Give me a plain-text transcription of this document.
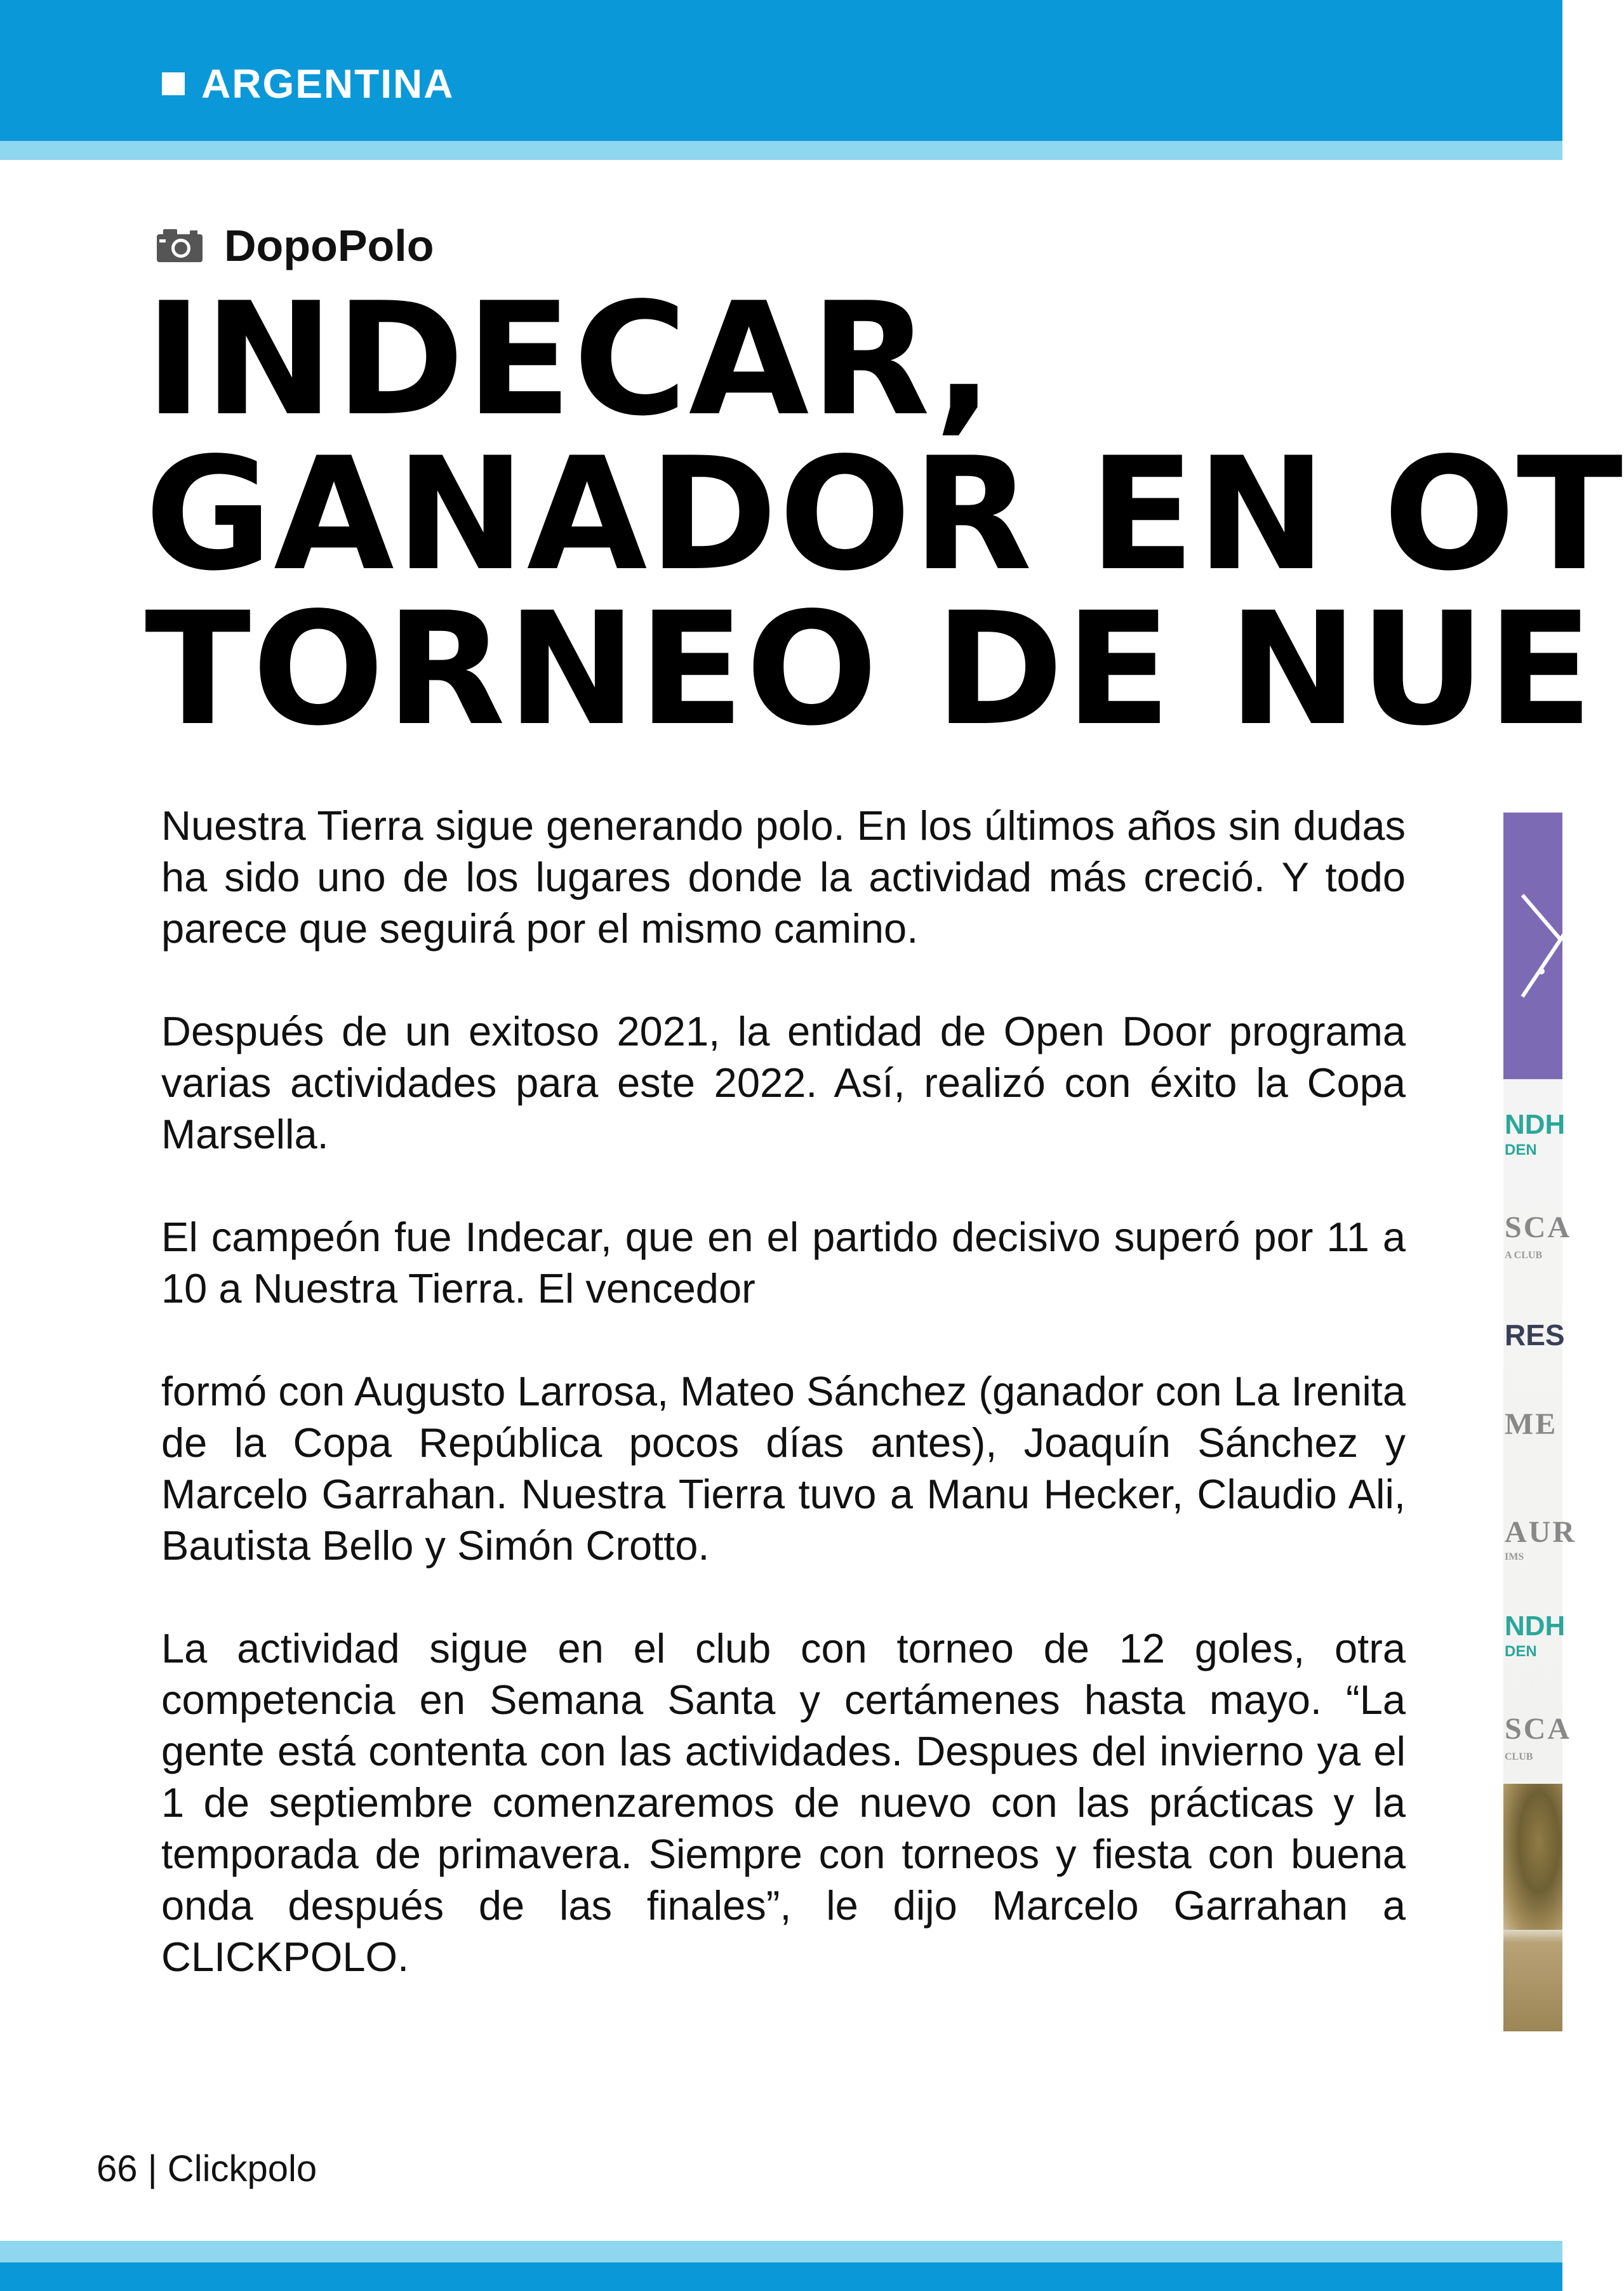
ARGENTINA
DopoPolo
INDECAR,
GANADOR EN OT
TORNEO DE NUE

Nuestra Tierra sigue generando polo. En los últimos años sin dudas ha sido uno de los lugares donde la actividad más creció. Y todo parece que seguirá por el mismo camino.

Después de un exitoso 2021, la entidad de Open Door programa varias actividades para este 2022. Así, realizó con éxito la Copa Marsella.

El campeón fue Indecar, que en el partido decisivo superó por 11 a 10 a Nuestra Tierra. El vencedor

formó con Augusto Larrosa, Mateo Sánchez (ganador con La Irenita de la Copa República pocos días antes), Joaquín Sánchez y Marcelo Garrahan. Nuestra Tierra tuvo a Manu Hecker, Claudio Ali, Bautista Bello y Simón Crotto.

La actividad sigue en el club con torneo de 12 goles, otra competencia en Semana Santa y certámenes hasta mayo. “La gente está contenta con las actividades. Despues del invierno ya el 1 de septiembre comenzaremos de nuevo con las prácticas y la temporada de primavera. Siempre con torneos y fiesta con buena onda después de las finales”, le dijo Marcelo Garrahan a CLICKPOLO.

NDH
DEN
SCA
A CLUB
RES
ME
AUR
IMS
NDH
DEN
SCA
CLUB
66 | Clickpolo
